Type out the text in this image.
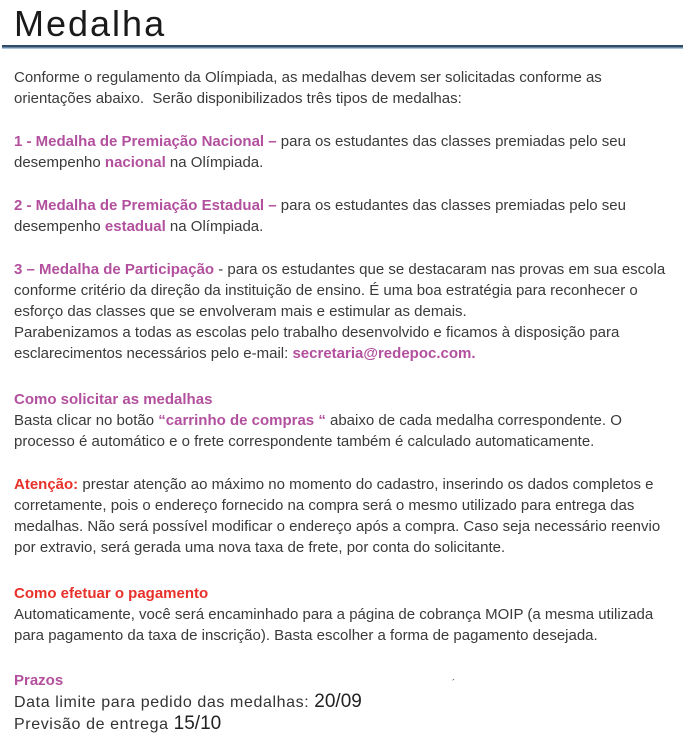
Medalha

Conforme o regulamento da Olímpiada, as medalhas devem ser solicitadas conforme as orientações abaixo.  Serão disponibilizados três tipos de medalhas:

1 - Medalha de Premiação Nacional – para os estudantes das classes premiadas pelo seu desempenho nacional na Olímpiada.

2 - Medalha de Premiação Estadual – para os estudantes das classes premiadas pelo seu desempenho estadual na Olímpiada.

3 – Medalha de Participação - para os estudantes que se destacaram nas provas em sua escola conforme critério da direção da instituição de ensino. É uma boa estratégia para reconhecer o esforço das classes que se envolveram mais e estimular as demais.

Parabenizamos a todas as escolas pelo trabalho desenvolvido e ficamos à disposição para esclarecimentos necessários pelo e-mail: secretaria@redepoc.com.

Como solicitar as medalhas

Basta clicar no botão “carrinho de compras “ abaixo de cada medalha correspondente. O processo é automático e o frete correspondente também é calculado automaticamente.

Atenção: prestar atenção ao máximo no momento do cadastro, inserindo os dados completos e corretamente, pois o endereço fornecido na compra será o mesmo utilizado para entrega das medalhas. Não será possível modificar o endereço após a compra. Caso seja necessário reenvio por extravio, será gerada uma nova taxa de frete, por conta do solicitante.

Como efetuar o pagamento

Automaticamente, você será encaminhado para a página de cobrança MOIP (a mesma utilizada para pagamento da taxa de inscrição). Basta escolher a forma de pagamento desejada.

Prazos

Data limite para pedido das medalhas: 20/09

Previsão de entrega 15/10

´
